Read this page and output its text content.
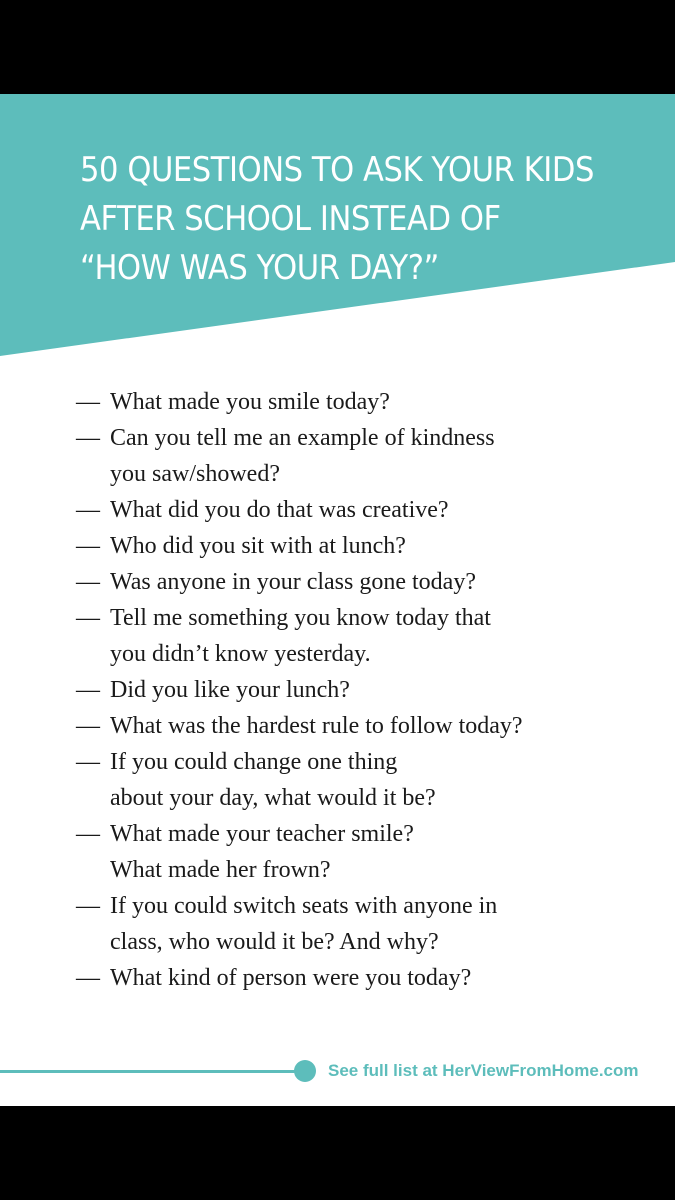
50 QUESTIONS TO ASK YOUR KIDS
AFTER SCHOOL INSTEAD OF
“HOW WAS YOUR DAY?”
— What made you smile today?
— Can you tell me an example of kindness
you saw/showed?
— What did you do that was creative?
— Who did you sit with at lunch?
— Was anyone in your class gone today?
— Tell me something you know today that
you didn’t know yesterday.
— Did you like your lunch?
— What was the hardest rule to follow today?
— If you could change one thing
about your day, what would it be?
— What made your teacher smile?
What made her frown?
— If you could switch seats with anyone in
class, who would it be? And why?
— What kind of person were you today?
See full list at HerViewFromHome.com
